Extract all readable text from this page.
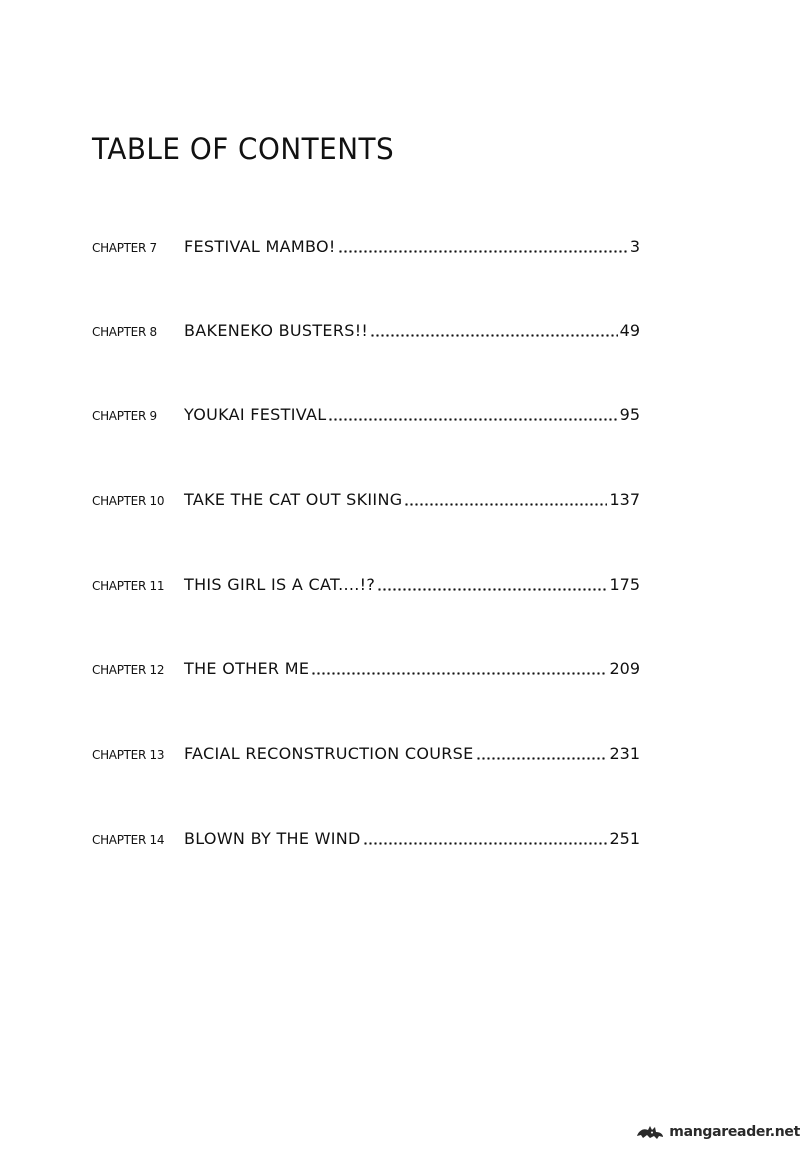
TABLE OF CONTENTS
CHAPTER 7	FESTIVAL MAMBO!	3
CHAPTER 8	BAKENEKO BUSTERS!!	49
CHAPTER 9	YOUKAI FESTIVAL	95
CHAPTER 10	TAKE THE CAT OUT SKIING	137
CHAPTER 11	THIS GIRL IS A CAT....!?	175
CHAPTER 12	THE OTHER ME	209
CHAPTER 13	FACIAL RECONSTRUCTION COURSE	231
CHAPTER 14	BLOWN BY THE WIND	251
mangareader.net
